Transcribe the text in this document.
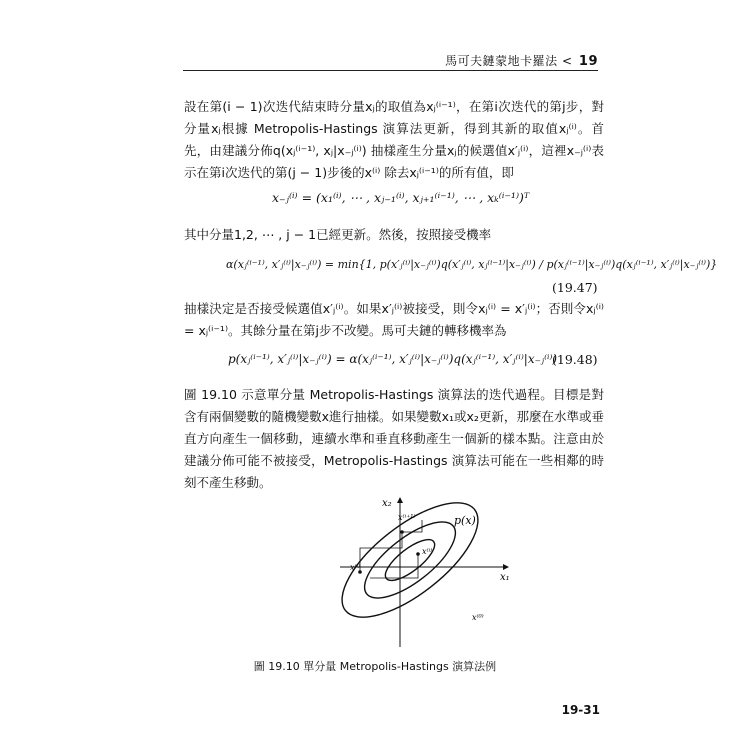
馬可夫鏈蒙地卡羅法 < 19
設在第(i − 1)次迭代結束時分量xⱼ的取值為xⱼ⁽ⁱ⁻¹⁾，在第i次迭代的第j步，對分量xⱼ根據 Metropolis-Hastings 演算法更新，得到其新的取值xⱼ⁽ⁱ⁾。首先，由建議分佈q(xⱼ⁽ⁱ⁻¹⁾, xⱼ|x₋ⱼ⁽ⁱ⁾) 抽樣產生分量xⱼ的候選值x′ⱼ⁽ⁱ⁾，這裡x₋ⱼ⁽ⁱ⁾表示在第i次迭代的第(j − 1)步後的x⁽ⁱ⁾ 除去xⱼ⁽ⁱ⁻¹⁾的所有值，即
x₋ⱼ⁽ⁱ⁾ = (x₁⁽ⁱ⁾, ⋯ , xⱼ₋₁⁽ⁱ⁾, xⱼ₊₁⁽ⁱ⁻¹⁾, ⋯ , xₖ⁽ⁱ⁻¹⁾)ᵀ
其中分量1,2, ⋯ , j − 1已經更新。然後，按照接受機率
α(xⱼ⁽ⁱ⁻¹⁾, x′ⱼ⁽ⁱ⁾|x₋ⱼ⁽ⁱ⁾) = min{1, p(x′ⱼ⁽ⁱ⁾|x₋ⱼ⁽ⁱ⁾)q(x′ⱼ⁽ⁱ⁾, xⱼ⁽ⁱ⁻¹⁾|x₋ⱼ⁽ⁱ⁾) / p(xⱼ⁽ⁱ⁻¹⁾|x₋ⱼ⁽ⁱ⁾)q(xⱼ⁽ⁱ⁻¹⁾, x′ⱼ⁽ⁱ⁾|x₋ⱼ⁽ⁱ⁾)}
(19.47)
抽樣決定是否接受候選值x′ⱼ⁽ⁱ⁾。如果x′ⱼ⁽ⁱ⁾被接受，則令xⱼ⁽ⁱ⁾ = x′ⱼ⁽ⁱ⁾；否則令xⱼ⁽ⁱ⁾ = xⱼ⁽ⁱ⁻¹⁾。其餘分量在第j步不改變。馬可夫鏈的轉移機率為
p(xⱼ⁽ⁱ⁻¹⁾, x′ⱼ⁽ⁱ⁾|x₋ⱼ⁽ⁱ⁾) = α(xⱼ⁽ⁱ⁻¹⁾, x′ⱼ⁽ⁱ⁾|x₋ⱼ⁽ⁱ⁾)q(xⱼ⁽ⁱ⁻¹⁾, x′ⱼ⁽ⁱ⁾|x₋ⱼ⁽ⁱ⁾)
(19.48)
圖 19.10 示意單分量 Metropolis-Hastings 演算法的迭代過程。目標是對含有兩個變數的隨機變數x進行抽樣。如果變數x₁或x₂更新，那麼在水準或垂直方向產生一個移動，連續水準和垂直移動產生一個新的樣本點。注意由於建議分佈可能不被接受，Metropolis-Hastings 演算法可能在一些相鄰的時刻不產生移動。
x₂
x₁
p(x)
x⁽ⁱ⁺¹⁾
x⁽ⁱ⁾
x⁽ⁱ⁾
x⁽⁰⁾
圖 19.10 單分量 Metropolis-Hastings 演算法例
19-31
